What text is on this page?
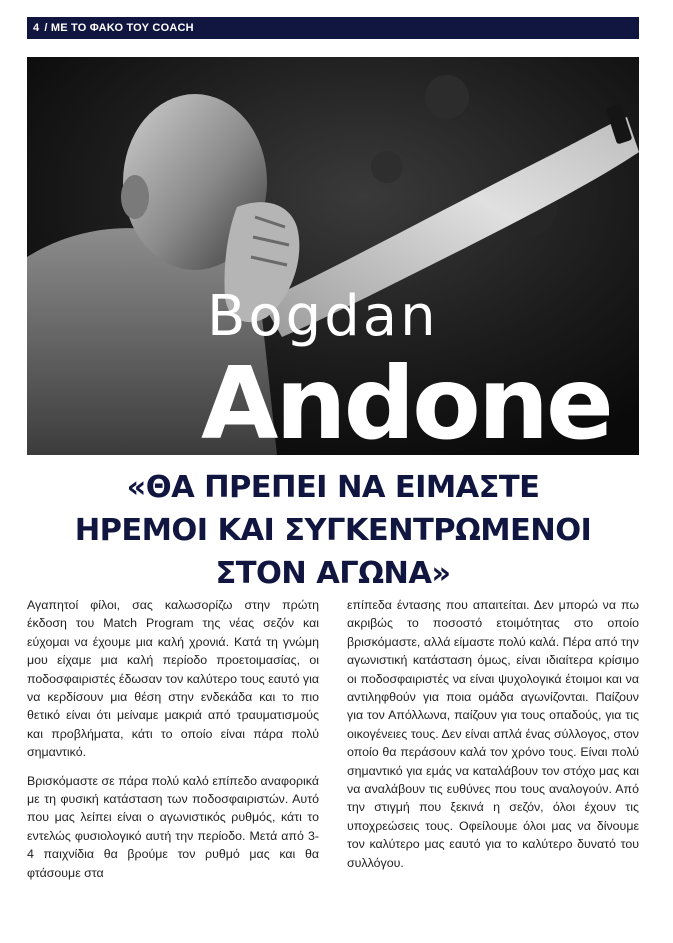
4 / ΜΕ ΤΟ ΦΑΚΟ ΤΟΥ COACH
Bogdan
Andone
«ΘΑ ΠΡΕΠΕΙ ΝΑ ΕΙΜΑΣΤΕ
ΗΡΕΜΟΙ ΚΑΙ ΣΥΓΚΕΝΤΡΩΜΕΝΟΙ
ΣΤΟΝ ΑΓΩΝΑ»

Αγαπητοί φίλοι, σας καλωσορίζω στην πρώτη έκδοση του Match Program της νέας σεζόν και εύχομαι να έχουμε μια καλή χρονιά. Κατά τη γνώμη μου είχαμε μια καλή περίοδο προετοιμασίας, οι ποδοσφαιριστές έδωσαν τον καλύτερο τους εαυτό για να κερδίσουν μια θέση στην ενδεκάδα και το πιο θετικό είναι ότι μείναμε μακριά από τραυματισμούς και προβλήματα, κάτι το οποίο είναι πάρα πολύ σημαντικό.

Βρισκόμαστε σε πάρα πολύ καλό επίπεδο αναφορικά με τη φυσική κατάσταση των ποδοσφαιριστών. Αυτό που μας λείπει είναι ο αγωνιστικός ρυθμός, κάτι το εντελώς φυσιολογικό αυτή την περίοδο. Μετά από 3-4 παιχνίδια θα βρούμε τον ρυθμό μας και θα φτάσουμε στα

επίπεδα έντασης που απαιτείται. Δεν μπορώ να πω ακριβώς το ποσοστό ετοιμότητας στο οποίο βρισκόμαστε, αλλά είμαστε πολύ καλά. Πέρα από την αγωνιστική κατάσταση όμως, είναι ιδιαίτερα κρίσιμο οι ποδοσφαιριστές να είναι ψυχολογικά έτοιμοι και να αντιληφθούν για ποια ομάδα αγωνίζονται. Παίζουν για τον Απόλλωνα, παίζουν για τους οπαδούς, για τις οικογένειες τους. Δεν είναι απλά ένας σύλλογος, στον οποίο θα περάσουν καλά τον χρόνο τους. Είναι πολύ σημαντικό για εμάς να καταλάβουν τον στόχο μας και να αναλάβουν τις ευθύνες που τους αναλογούν. Από την στιγμή που ξεκινά η σεζόν, όλοι έχουν τις υποχρεώσεις τους. Οφείλουμε όλοι μας να δίνουμε τον καλύτερο μας εαυτό για το καλύτερο δυνατό του συλλόγου.
